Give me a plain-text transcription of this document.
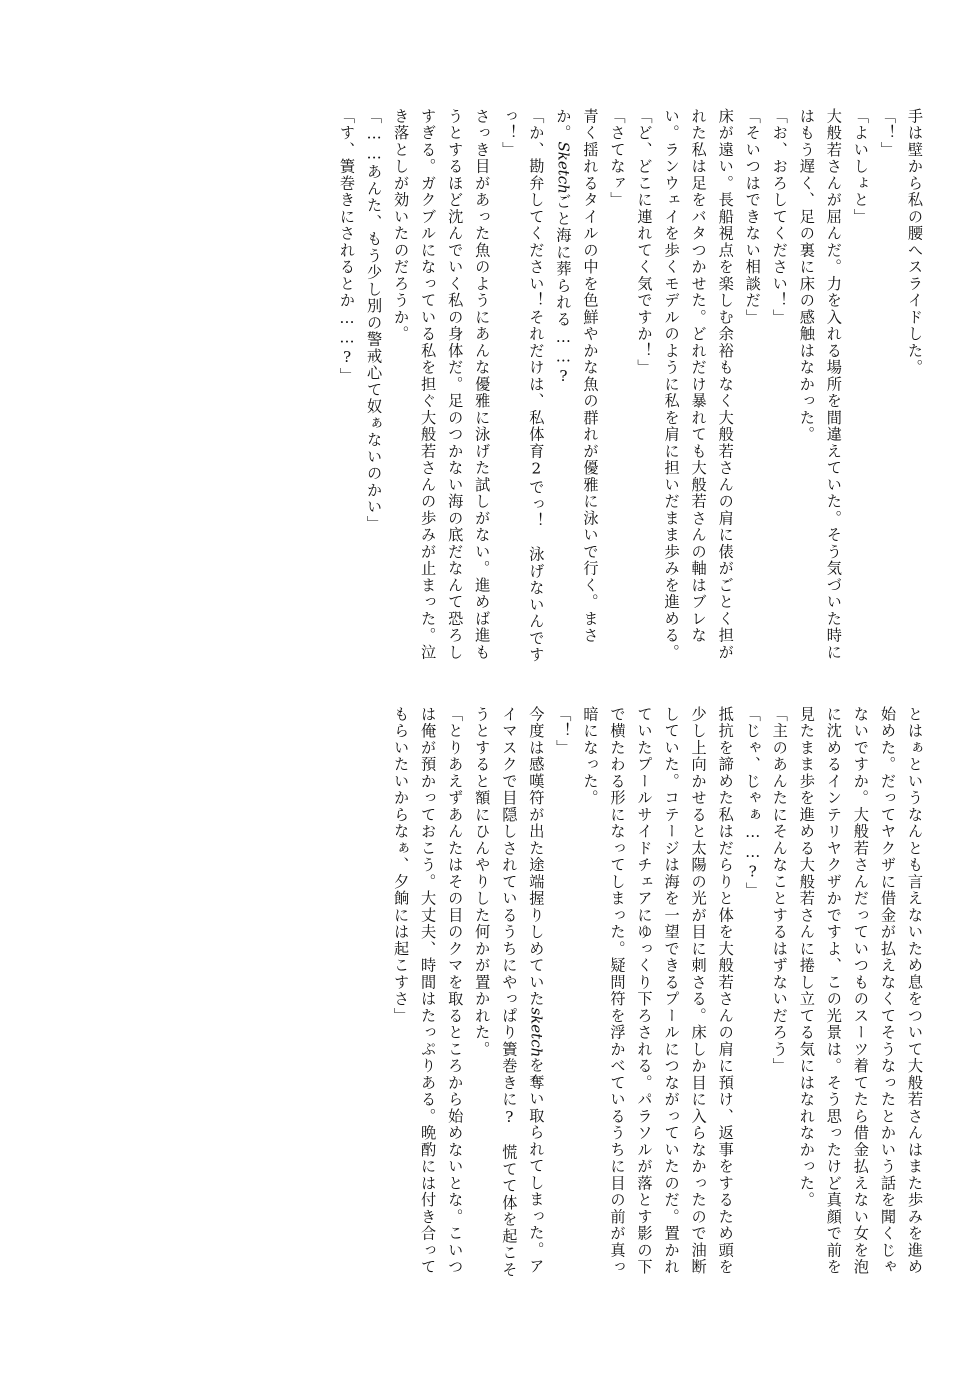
手は壁から私の腰へスライドした。

「！」

「よいしょと」

大般若さんが屈んだ。力を入れる場所を間違えていた。そう気づいた時にはもう遅く、足の裏に床の感触はなかった。

「お、おろしてください！」

「そいつはできない相談だ」

床が遠い。長船視点を楽しむ余裕もなく大般若さんの肩に俵がごとく担がれた私は足をバタつかせた。どれだけ暴れても大般若さんの軸はブレない。ランウェイを歩くモデルのように私を肩に担いだまま歩みを進める。

「ど、どこに連れてく気ですか！」

「さてなァ」

青く揺れるタイルの中を色鮮やかな魚の群れが優雅に泳いで行く。まさか。Sketchごと海に葬られる……?

「か、勘弁してください！それだけは、私体育2でっ！　泳げないんですっ！」

さっき目があった魚のようにあんな優雅に泳げた試しがない。進めば進もうとするほど沈んでいく私の身体だ。足のつかない海の底だなんて恐ろしすぎる。ガクブルになっている私を担ぐ大般若さんの歩みが止まった。泣き落としが効いたのだろうか。

「……あんた、もう少し別の警戒心て奴ぁないのかい」

「す、簀巻きにされるとか……?」

とはぁというなんとも言えないため息をついて大般若さんはまた歩みを進め始めた。だってヤクザに借金が払えなくてそうなったとかいう話を聞くじゃないですか。大般若さんだっていつものスーツ着てたら借金払えない女を泡に沈めるインテリヤクザかですよ、この光景は。そう思ったけど真顔で前を見たまま歩を進める大般若さんに捲し立てる気にはなれなかった。

「主のあんたにそんなことするはずないだろう」

「じゃ、じゃぁ……?」

抵抗を諦めた私はだらりと体を大般若さんの肩に預け、返事をするため頭を少し上向かせると太陽の光が目に刺さる。床しか目に入らなかったので油断していた。コテージは海を一望できるプールにつながっていたのだ。置かれていたプールサイドチェアにゆっくり下ろされる。パラソルが落とす影の下で横たわる形になってしまった。疑問符を浮かべているうちに目の前が真っ暗になった。

「！」

今度は感嘆符が出た途端握りしめていたsketchを奪い取られてしまった。アイマスクで目隠しされているうちにやっぱり簀巻きに?　慌てて体を起こそうとすると額にひんやりした何かが置かれた。

「とりあえずあんたはその目のクマを取るところから始めないとな。こいつは俺が預かっておこう。大丈夫、時間はたっぷりある。晩酌には付き合ってもらいたいからなぁ、夕餉には起こすさ」
